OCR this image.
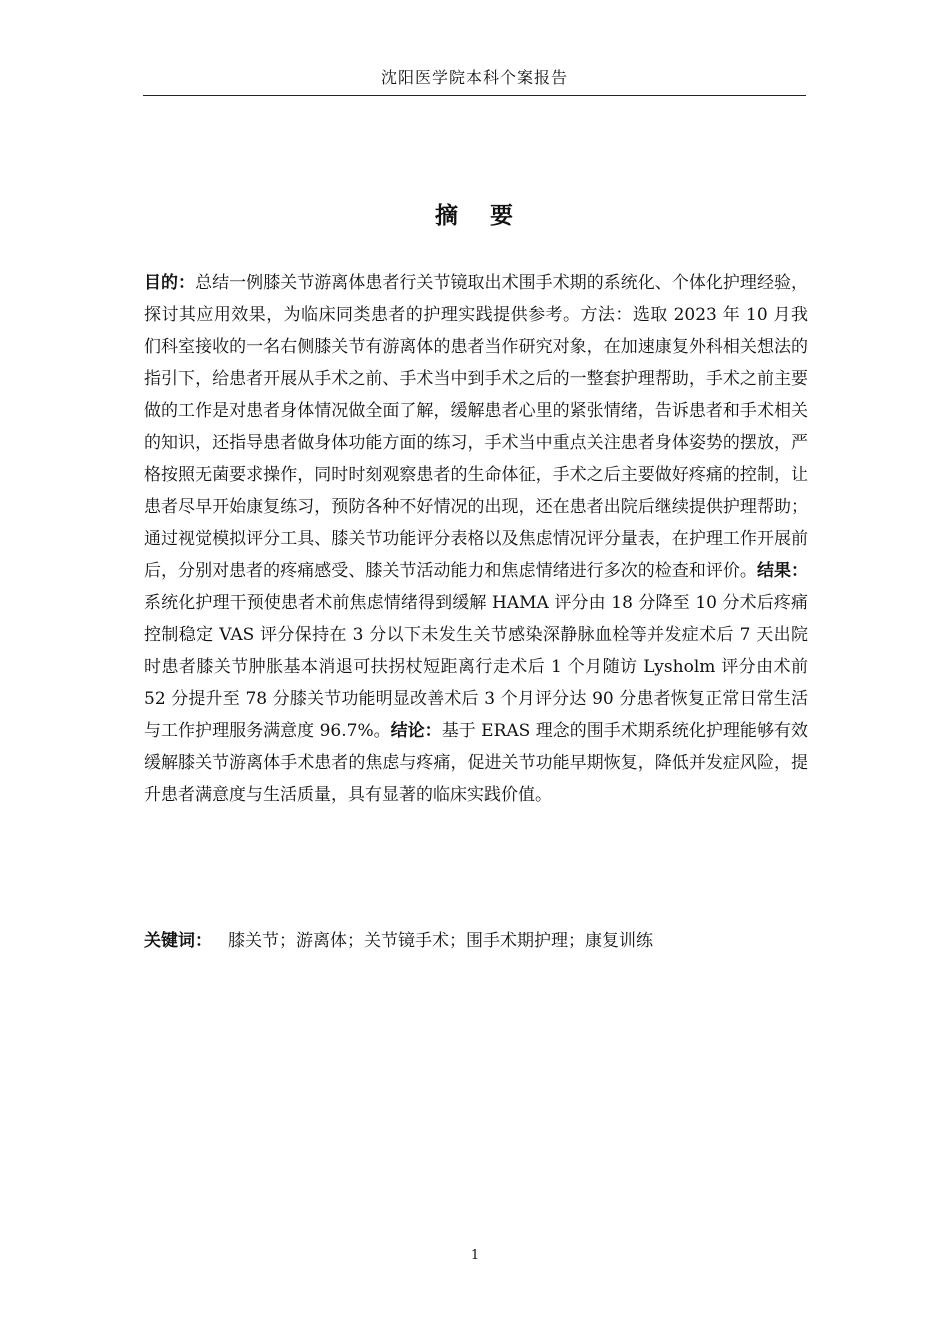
沈阳医学院本科个案报告
摘 要

目的：总结一例膝关节游离体患者行关节镜取出术围手术期的系统化、个体化护理经验，探讨其应用效果，为临床同类患者的护理实践提供参考。方法：选取 2023 年 10 月我们科室接收的一名右侧膝关节有游离体的患者当作研究对象，在加速康复外科相关想法的指引下，给患者开展从手术之前、手术当中到手术之后的一整套护理帮助，手术之前主要做的工作是对患者身体情况做全面了解，缓解患者心里的紧张情绪，告诉患者和手术相关的知识，还指导患者做身体功能方面的练习，手术当中重点关注患者身体姿势的摆放，严格按照无菌要求操作，同时时刻观察患者的生命体征，手术之后主要做好疼痛的控制，让患者尽早开始康复练习，预防各种不好情况的出现，还在患者出院后继续提供护理帮助；通过视觉模拟评分工具、膝关节功能评分表格以及焦虑情况评分量表，在护理工作开展前后，分别对患者的疼痛感受、膝关节活动能力和焦虑情绪进行多次的检查和评价。结果：系统化护理干预使患者术前焦虑情绪得到缓解 HAMA 评分由 18 分降至 10 分术后疼痛控制稳定 VAS 评分保持在 3 分以下未发生关节感染深静脉血栓等并发症术后 7 天出院时患者膝关节肿胀基本消退可扶拐杖短距离行走术后 1 个月随访 Lysholm 评分由术前 52 分提升至 78 分膝关节功能明显改善术后 3 个月评分达 90 分患者恢复正常日常生活与工作护理服务满意度 96.7%。结论：基于 ERAS 理念的围手术期系统化护理能够有效缓解膝关节游离体手术患者的焦虑与疼痛，促进关节功能早期恢复，降低并发症风险，提升患者满意度与生活质量，具有显著的临床实践价值。

关键词： 膝关节；游离体；关节镜手术；围手术期护理；康复训练

1
